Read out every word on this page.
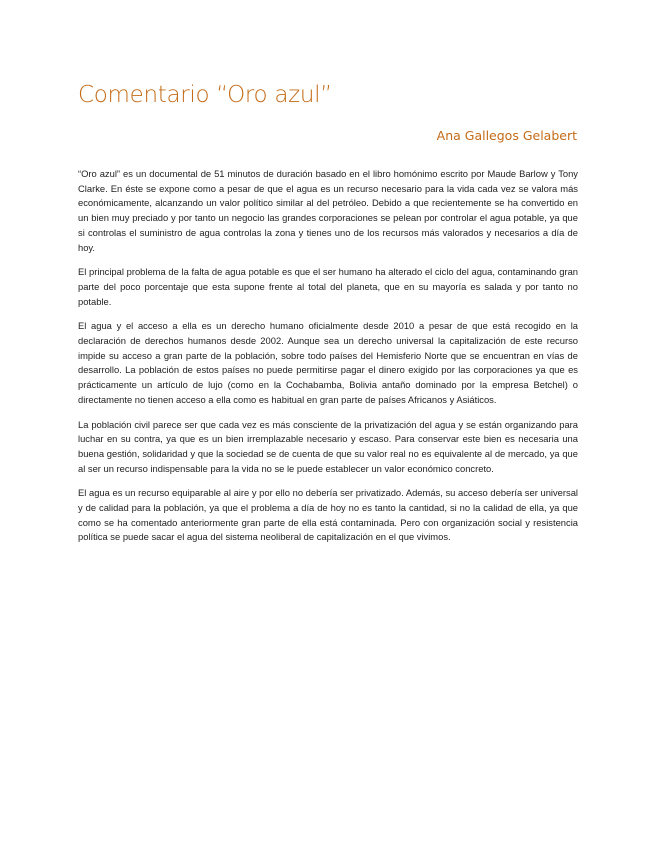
Comentario “Oro azul”

Ana Gallegos Gelabert

“Oro azul” es un documental de 51 minutos de duración basado en el libro homónimo escrito por Maude Barlow y Tony Clarke. En éste se expone como a pesar de que el agua es un recurso necesario para la vida cada vez se valora más económicamente, alcanzando un valor político similar al del petróleo. Debido a que recientemente se ha convertido en un bien muy preciado y por tanto un negocio las grandes corporaciones se pelean por controlar el agua potable, ya que si controlas el suministro de agua controlas la zona y tienes uno de los recursos más valorados y necesarios a día de hoy.

El principal problema de la falta de agua potable es que el ser humano ha alterado el ciclo del agua, contaminando gran parte del poco porcentaje que esta supone frente al total del planeta, que en su mayoría es salada y por tanto no potable.

El agua y el acceso a ella es un derecho humano oficialmente desde 2010 a pesar de que está recogido en la declaración de derechos humanos desde 2002. Aunque sea un derecho universal la capitalización de este recurso impide su acceso a gran parte de la población, sobre todo países del Hemisferio Norte que se encuentran en vías de desarrollo. La población de estos países no puede permitirse pagar el dinero exigido por las corporaciones ya que es prácticamente un artículo de lujo (como en la Cochabamba, Bolivia antaño dominado por la empresa Betchel) o directamente no tienen acceso a ella como es habitual en gran parte de países Africanos y Asiáticos.

La población civil parece ser que cada vez es más consciente de la privatización del agua y se están organizando para luchar en su contra, ya que es un bien irremplazable necesario y escaso. Para conservar este bien es necesaria una buena gestión, solidaridad y que la sociedad se de cuenta de que su valor real no es equivalente al de mercado, ya que al ser un recurso indispensable para la vida no se le puede establecer un valor económico concreto.

El agua es un recurso equiparable al aire y por ello no debería ser privatizado. Además, su acceso debería ser universal y de calidad para la población, ya que el problema a día de hoy no es tanto la cantidad, si no la calidad de ella, ya que como se ha comentado anteriormente gran parte de ella está contaminada. Pero con organización social y resistencia política se puede sacar el agua del sistema neoliberal de capitalización en el que vivimos.
